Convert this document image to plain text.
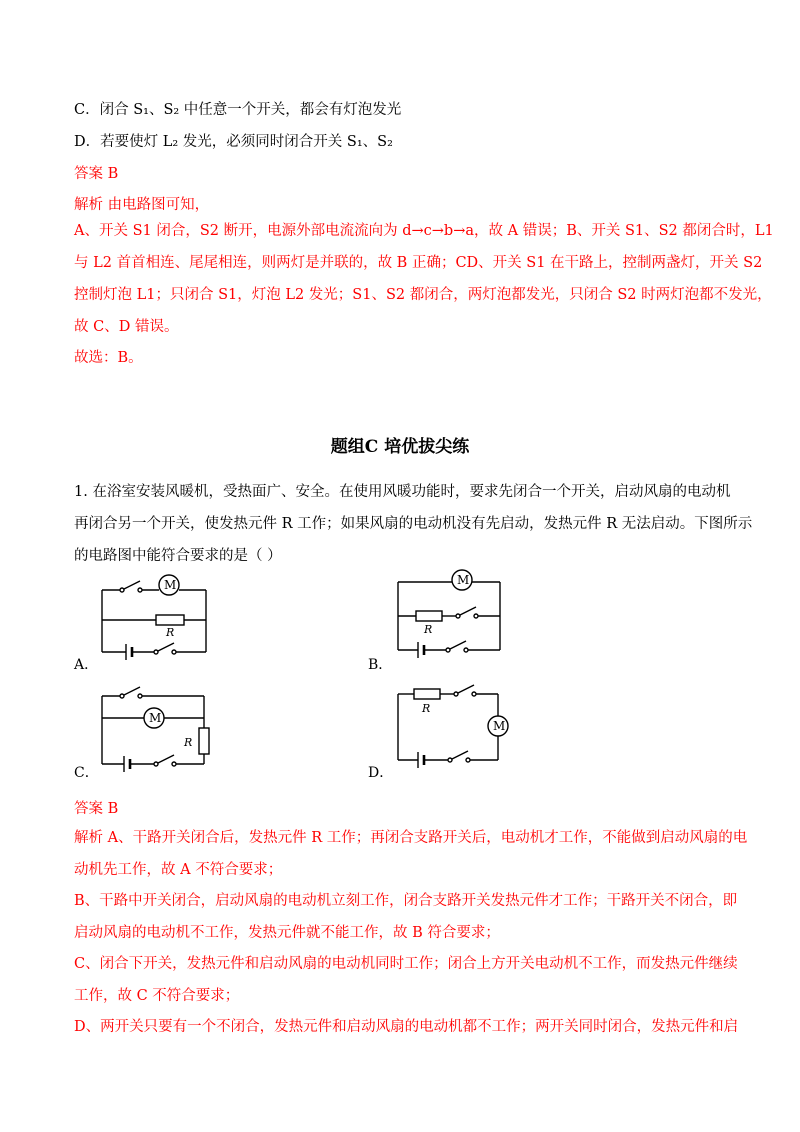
C．闭合 S₁、S₂ 中任意一个开关，都会有灯泡发光
D．若要使灯 L₂ 发光，必须同时闭合开关 S₁、S₂
答案 B
解析 由电路图可知，
A、开关 S1 闭合，S2 断开，电源外部电流流向为 d→c→b→a，故 A 错误；B、开关 S1、S2 都闭合时，L1
与 L2 首首相连、尾尾相连，则两灯是并联的，故 B 正确；CD、开关 S1 在干路上，控制两盏灯，开关 S2
控制灯泡 L1；只闭合 S1，灯泡 L2 发光；S1、S2 都闭合，两灯泡都发光，只闭合 S2 时两灯泡都不发光，
故 C、D 错误。
故选：B。
题组C 培优拔尖练
1. 在浴室安装风暖机，受热面广、安全。在使用风暖功能时，要求先闭合一个开关，启动风扇的电动机
再闭合另一个开关，使发热元件 R 工作；如果风扇的电动机没有先启动，发热元件 R 无法启动。下图所示
的电路图中能符合要求的是（ ）
M
R
A．
M
R
B．
M
R
C．
R
M
D．
答案 B
解析 A、干路开关闭合后，发热元件 R 工作；再闭合支路开关后，电动机才工作，不能做到启动风扇的电
动机先工作，故 A 不符合要求；
B、干路中开关闭合，启动风扇的电动机立刻工作，闭合支路开关发热元件才工作；干路开关不闭合，即
启动风扇的电动机不工作，发热元件就不能工作，故 B 符合要求；
C、闭合下开关，发热元件和启动风扇的电动机同时工作；闭合上方开关电动机不工作，而发热元件继续
工作，故 C 不符合要求；
D、两开关只要有一个不闭合，发热元件和启动风扇的电动机都不工作；两开关同时闭合，发热元件和启
